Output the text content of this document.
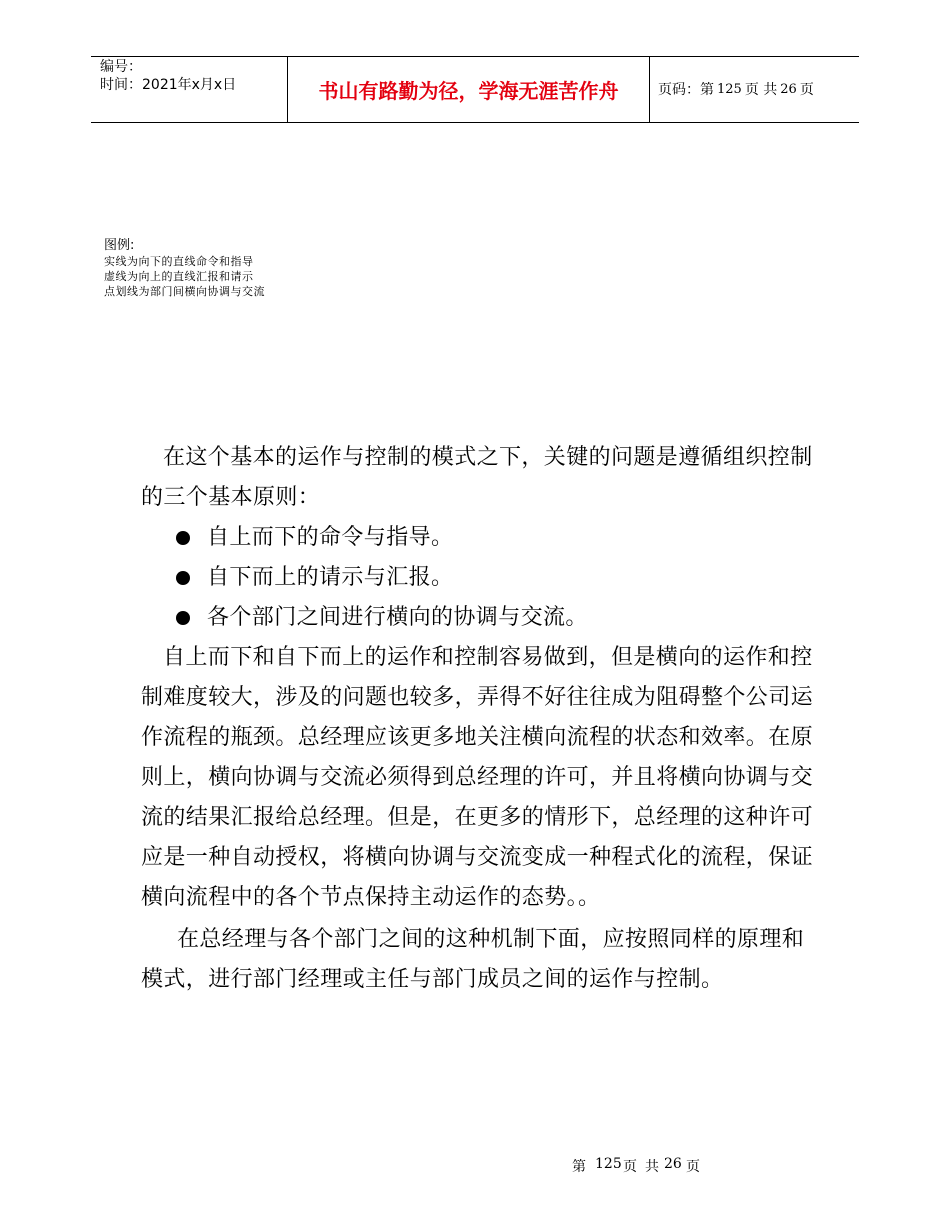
编号：
时间：2021年x月x日	书山有路勤为径，学海无涯苦作舟	页码：第 125 页 共 26 页
图例:
实线为向下的直线命令和指导
虚线为向上的直线汇报和请示
点划线为部门间横向协调与交流

在这个基本的运作与控制的模式之下，关键的问题是遵循组织控制的三个基本原则：

自上而下的命令与指导。
自下而上的请示与汇报。
各个部门之间进行横向的协调与交流。

自上而下和自下而上的运作和控制容易做到，但是横向的运作和控制难度较大，涉及的问题也较多，弄得不好往往成为阻碍整个公司运作流程的瓶颈。总经理应该更多地关注横向流程的状态和效率。在原则上，横向协调与交流必须得到总经理的许可，并且将横向协调与交流的结果汇报给总经理。但是，在更多的情形下，总经理的这种许可应是一种自动授权，将横向协调与交流变成一种程式化的流程，保证横向流程中的各个节点保持主动运作的态势。。

在总经理与各个部门之间的这种机制下面，应按照同样的原理和模式，进行部门经理或主任与部门成员之间的运作与控制。

第 125 页 共 26 页
